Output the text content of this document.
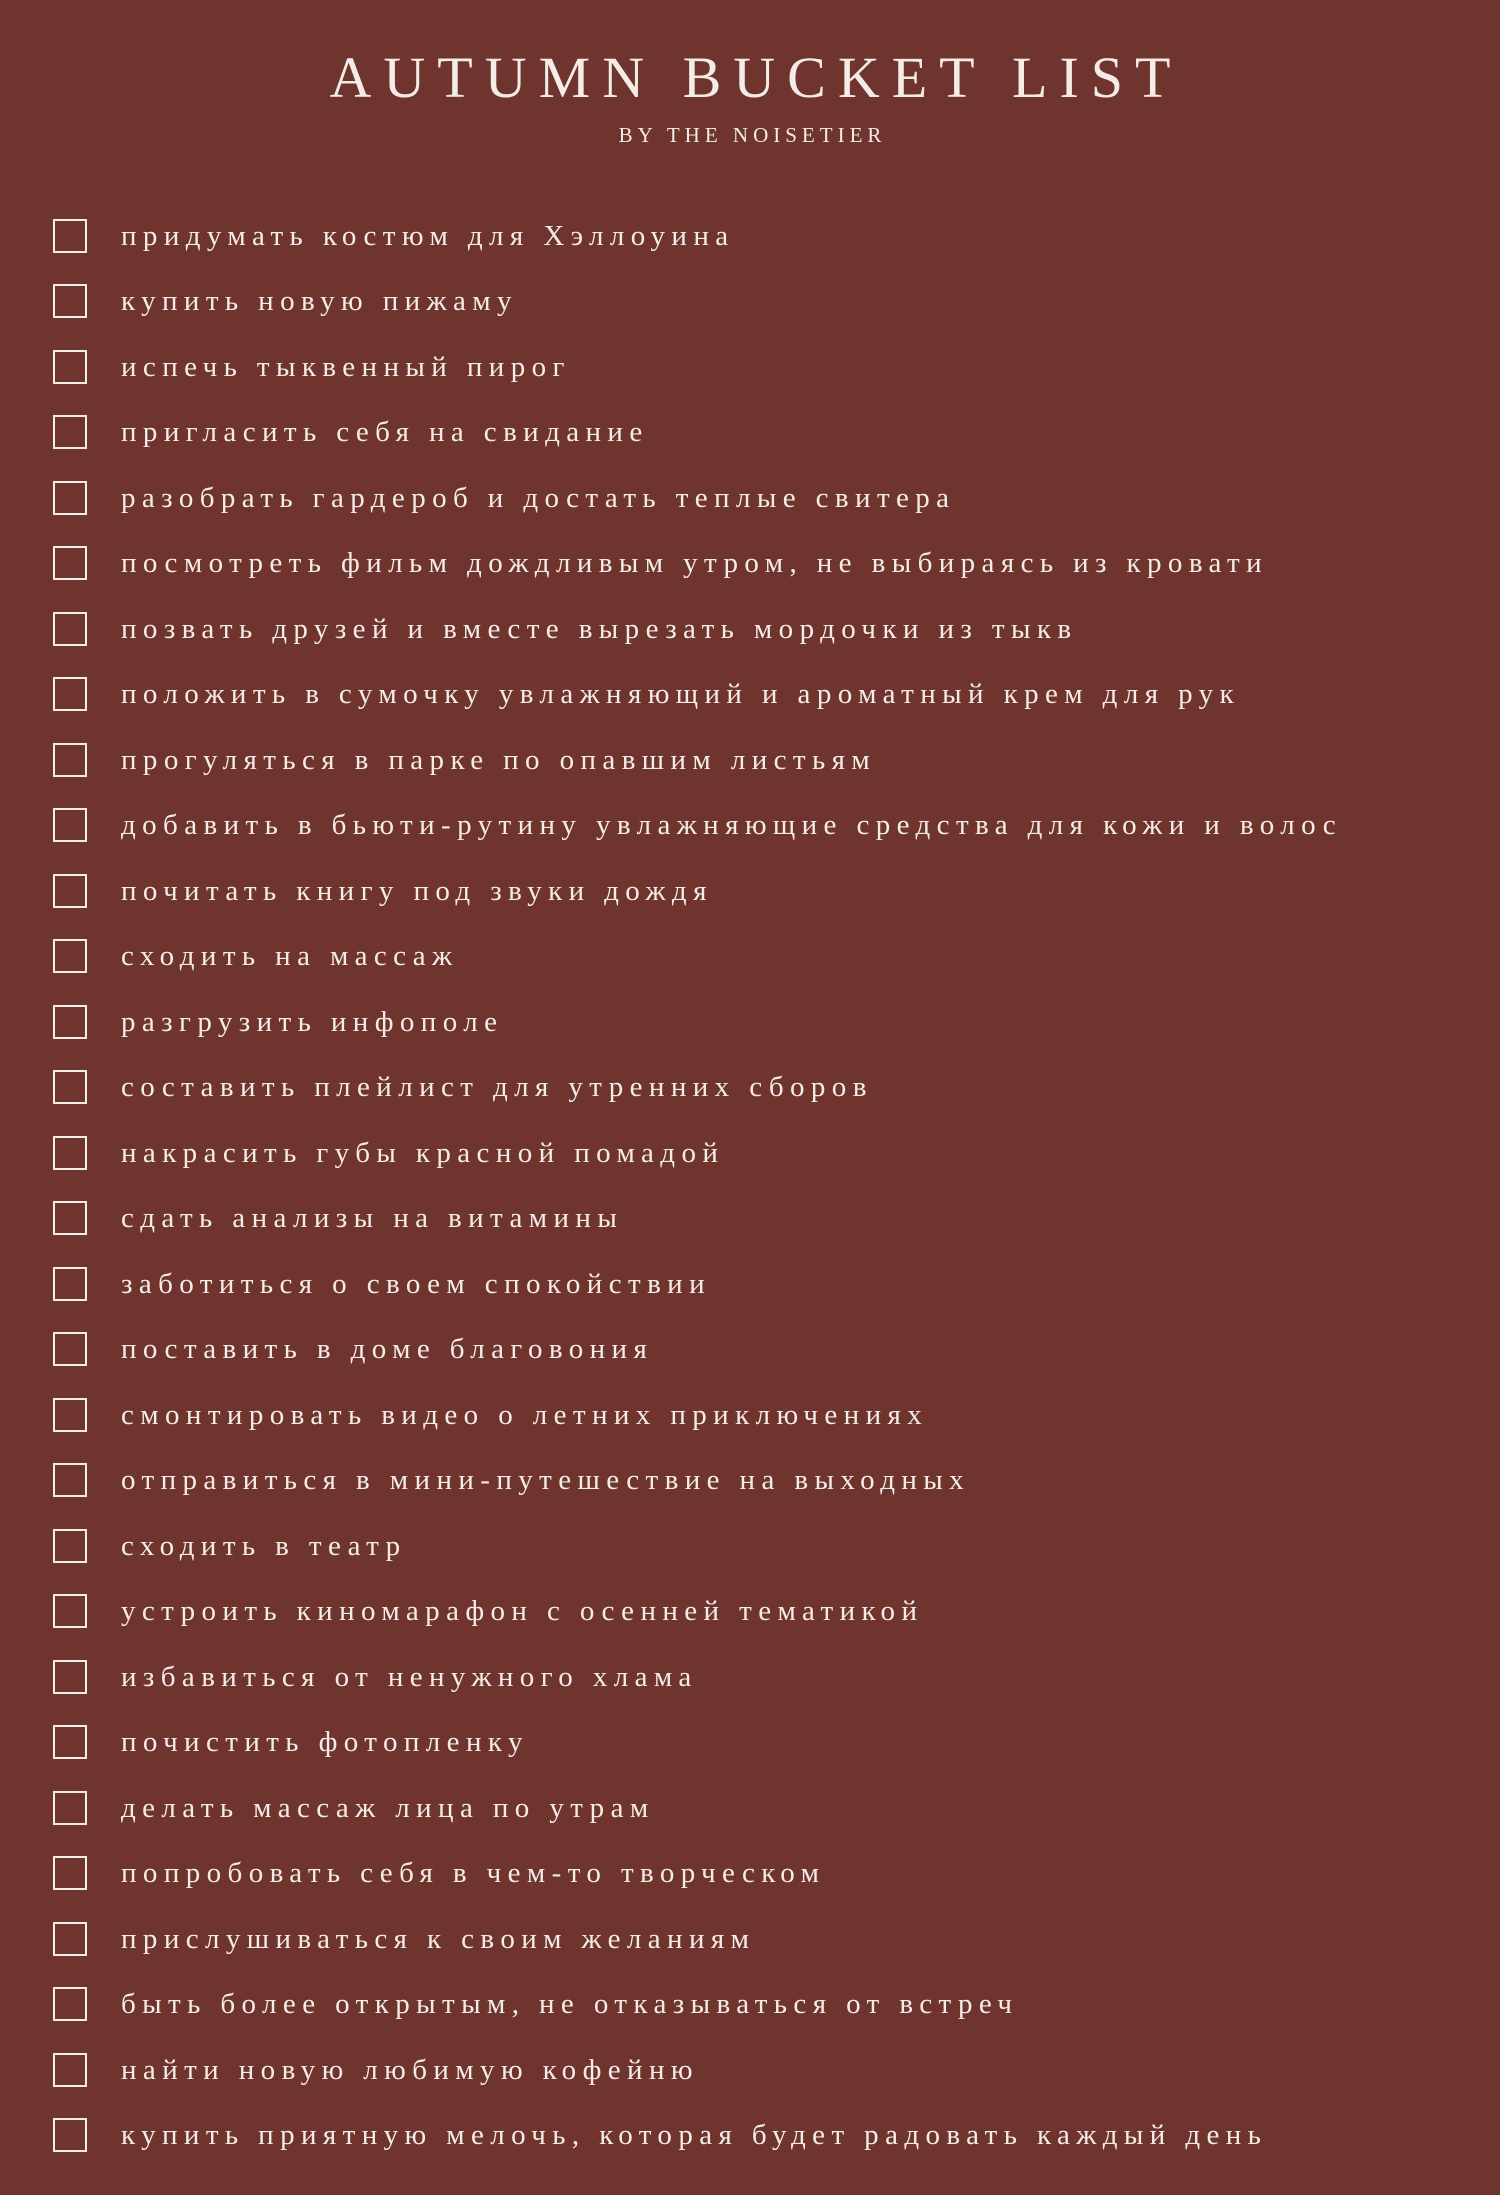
AUTUMN BUCKET LIST
BY THE NOISETIER
придумать костюм для Хэллоуина
купить новую пижаму
испечь тыквенный пирог
пригласить себя на свидание
разобрать гардероб и достать теплые свитера
посмотреть фильм дождливым утром, не выбираясь из кровати
позвать друзей и вместе вырезать мордочки из тыкв
положить в сумочку увлажняющий и ароматный крем для рук
прогуляться в парке по опавшим листьям
добавить в бьюти-рутину увлажняющие средства для кожи и волос
почитать книгу под звуки дождя
сходить на массаж
разгрузить инфополе
составить плейлист для утренних сборов
накрасить губы красной помадой
сдать анализы на витамины
заботиться о своем спокойствии
поставить в доме благовония
смонтировать видео о летних приключениях
отправиться в мини-путешествие на выходных
сходить в театр
устроить киномарафон с осенней тематикой
избавиться от ненужного хлама
почистить фотопленку
делать массаж лица по утрам
попробовать себя в чем-то творческом
прислушиваться к своим желаниям
быть более открытым, не отказываться от встреч
найти новую любимую кофейню
купить приятную мелочь, которая будет радовать каждый день
